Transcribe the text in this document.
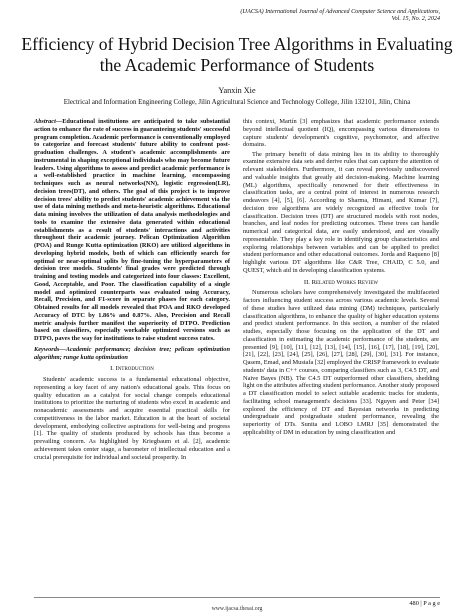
(IJACSA) International Journal of Advanced Computer Science and Applications,
Vol. 15, No. 2, 2024
Efficiency of Hybrid Decision Tree Algorithms in Evaluating the Academic Performance of Students
Yanxin Xie
Electrical and Information Engineering College, Jilin Agricultural Science and Technology College, Jilin 132101, Jilin, China

Abstract—Educational institutions are anticipated to take substantial action to enhance the rate of success in guaranteeing students' successful program completion. Academic performance is conventionally employed to categorize and forecast students' future ability to confront post-graduation challenges. A student's academic accomplishments are instrumental in shaping exceptional individuals who may become future leaders. Using algorithms to assess and predict academic performance is a well-established practice in machine learning, encompassing techniques such as neural networks(NN), logistic regression(LR), decision trees(DT), and others. The goal of this project is to improve decision trees' ability to predict students' academic achievement via the use of data mining methods and meta-heuristic algorithms. Educational data mining involves the utilization of data analysis methodologies and tools to examine the extensive data generated within educational establishments as a result of students' interactions and activities throughout their academic journey. Pelican Optimization Algorithm (POA) and Runge Kutta optimization (RKO) are utilized algorithms in developing hybrid models, both of which can efficiently search for optimal or near-optimal splits by fine-tuning the hyperparameters of decision tree models. Students' final grades were predicted through training and testing models and categorized into four classes: Excellent, Good, Acceptable, and Poor. The classification capability of a single model and optimized counterparts was evaluated using Accuracy, Recall, Precision, and F1-score in separate phases for each category. Obtained results for all models revealed that POA and RKO developed Accuracy of DTC by 1.86% and 0.87%. Also, Precision and Recall metric analysis further manifest the superiority of DTPO. Prediction based on classifiers, especially workable optimized versions such as DTPO, paves the way for institutions to raise student success rates.

Keywords—Academic performance; decision tree; pelican optimization algorithm; runge kutta optimization

I. Introduction

Students' academic success is a fundamental educational objective, representing a key facet of any nation's educational goals. This focus on quality education as a catalyst for social change compels educational institutions to prioritize the nurturing of students who excel in academic and nonacademic assessments and acquire essential practical skills for competitiveness in the labor market. Education is at the heart of societal development, embodying collective aspirations for well-being and progress [1]. The quality of students produced by schools has thus become a prevailing concern. As highlighted by Kriegbaum et al. [2], academic achievement takes center stage, a barometer of intellectual education and a crucial prerequisite for individual and societal prosperity. In

this context, Martín [3] emphasizes that academic performance extends beyond intellectual quotient (IQ), encompassing various dimensions to capture students' development's cognitive, psychomotor, and affective domains.

The primary benefit of data mining lies in its ability to thoroughly examine extensive data sets and derive rules that can capture the attention of relevant stakeholders. Furthermore, it can reveal previously undiscovered and valuable insights that greatly aid decision-making. Machine learning (ML) algorithms, specifically renowned for their effectiveness in classification tasks, are a central point of interest in numerous research endeavors [4], [5], [6]. According to Sharma, Himani, and Kumar [7], decision tree algorithms are widely recognized as effective tools for classification. Decision trees (DT) are structured models with root nodes, branches, and leaf nodes for predicting outcomes. These trees can handle numerical and categorical data, are easily understood, and are visually representable. They play a key role in identifying group characteristics and exploring relationships between variables and can be applied to predict student performance and other educational outcomes. Jorda and Raqueno [8] highlight various DT algorithms like C&R Tree, CHAID, C 5.0, and QUEST, which aid in developing classification systems.

II. Related Works Review

Numerous scholars have comprehensively investigated the multifaceted factors influencing student success across various academic levels. Several of these studies have utilized data mining (DM) techniques, particularly classification algorithms, to enhance the quality of higher education systems and predict student performance. In this section, a number of the related studies, especially those focusing on the application of the DT and classification in estimating the academic performance of the students, are presented [9], [10], [11], [12], [13], [14], [15], [16], [17], [18], [19], [20], [21], [22], [23], [24], [25], [26], [27], [28], [29], [30], [31]. For instance, Qasem, Emad, and Mustafa [32] employed the CRISP framework to evaluate students' data in C++ courses, comparing classifiers such as 3, C4.5 DT, and Naive Bayes (NB). The C4.5 DT outperformed other classifiers, shedding light on the attributes affecting student performance. Another study proposed a DT classification model to select suitable academic tracks for students, facilitating school management's decisions [33]. Nguyen and Peter [34] explored the efficiency of DT and Bayesian networks in predicting undergraduate and postgraduate student performance, revealing the superiority of DTs. Sunita and LOBO LMRJ [35] demonstrated the applicability of DM in education by using classification and

480 | P a g e
www.ijacsa.thesai.org
